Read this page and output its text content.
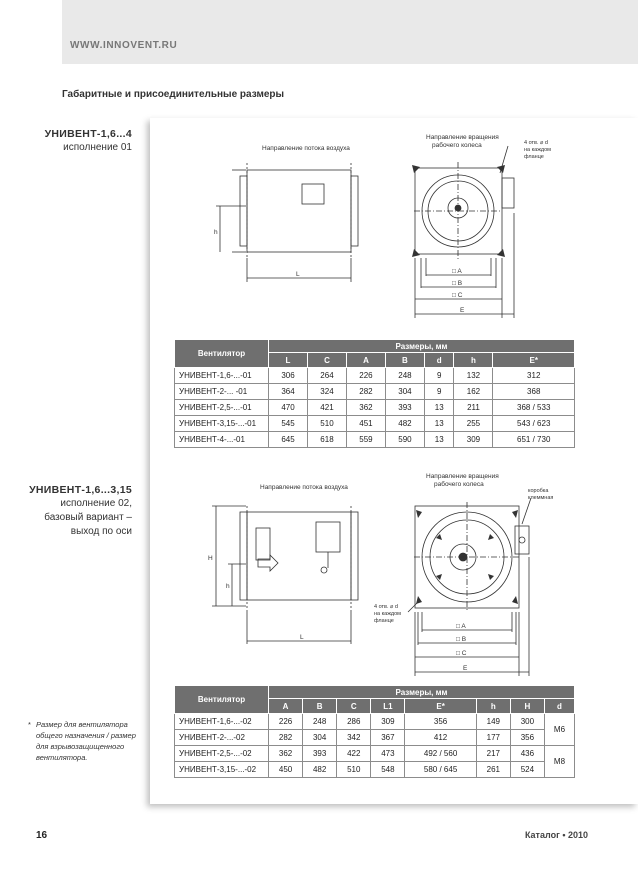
WWW.INNOVENT.RU
Габаритные и присоединительные размеры
УНИВЕНТ-1,6...4
исполнение 01
УНИВЕНТ-1,6...3,15
исполнение 02,
базовый вариант –
выход по оси
Направление потока воздуха
Направление вращения
рабочего колеса	4 отв. ⌀ d
на каждом
фланце
h
L	□ A
□ B
□ C
E
Вентилятор	Размеры, мм						
	L	C	A	B	d	h	E*
УНИВЕНТ-1,6-...-01	306	264	226	248	9	132	312
УНИВЕНТ-2-... -01	364	324	282	304	9	162	368
УНИВЕНТ-2,5-...-01	470	421	362	393	13	211	368 / 533
УНИВЕНТ-3,15-...-01	545	510	451	482	13	255	543 / 623
УНИВЕНТ-4-...-01	645	618	559	590	13	309	651 / 730
Направление потока воздуха
Направление вращения
рабочего колеса
коробка
клеммная
4 отв. ⌀ d
на каждом
фланце
H
h
L
□ A
□ B
□ C
E
Вентилятор	Размеры, мм							
	A	B	C	L1	E*	h	H	d
УНИВЕНТ-1,6-...-02	226	248	286	309	356	149	300	M6
УНИВЕНТ-2-...-02	282	304	342	367	412	177	356	
УНИВЕНТ-2,5-...-02	362	393	422	473	492 / 560	217	436	M8
УНИВЕНТ-3,15-...-02	450	482	510	548	580 / 645	261	524	
* Размер для вентилятора
общего назначения / размер
для взрывозащищенного
вентилятора.
16	Каталог • 2010
